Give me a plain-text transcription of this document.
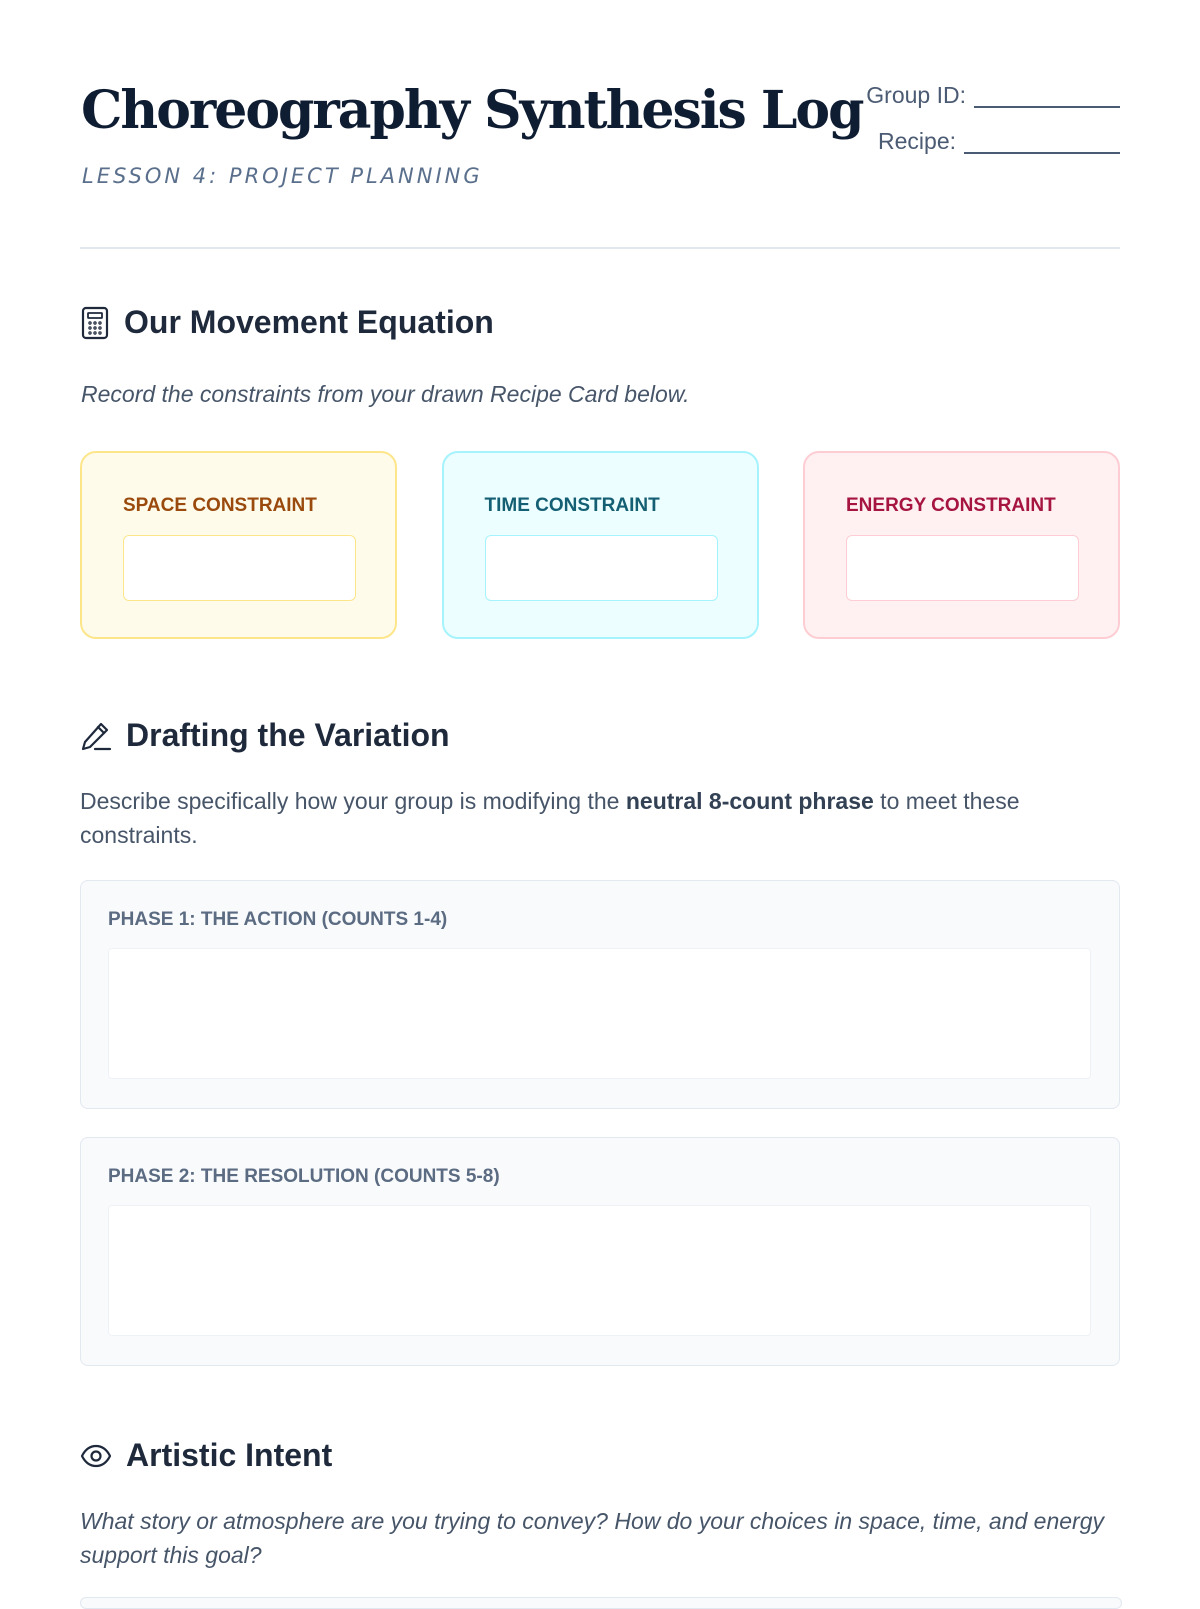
Choreography Synthesis Log
LESSON 4: PROJECT PLANNING
Group ID:
Recipe:
Our Movement Equation
Record the constraints from your drawn Recipe Card below.
SPACE CONSTRAINT	TIME CONSTRAINT	ENERGY CONSTRAINT
Drafting the Variation
Describe specifically how your group is modifying the neutral 8-count phrase to meet these constraints.
PHASE 1: THE ACTION (COUNTS 1-4)
PHASE 2: THE RESOLUTION (COUNTS 5-8)
Artistic Intent
What story or atmosphere are you trying to convey? How do your choices in space, time, and energy support this goal?
